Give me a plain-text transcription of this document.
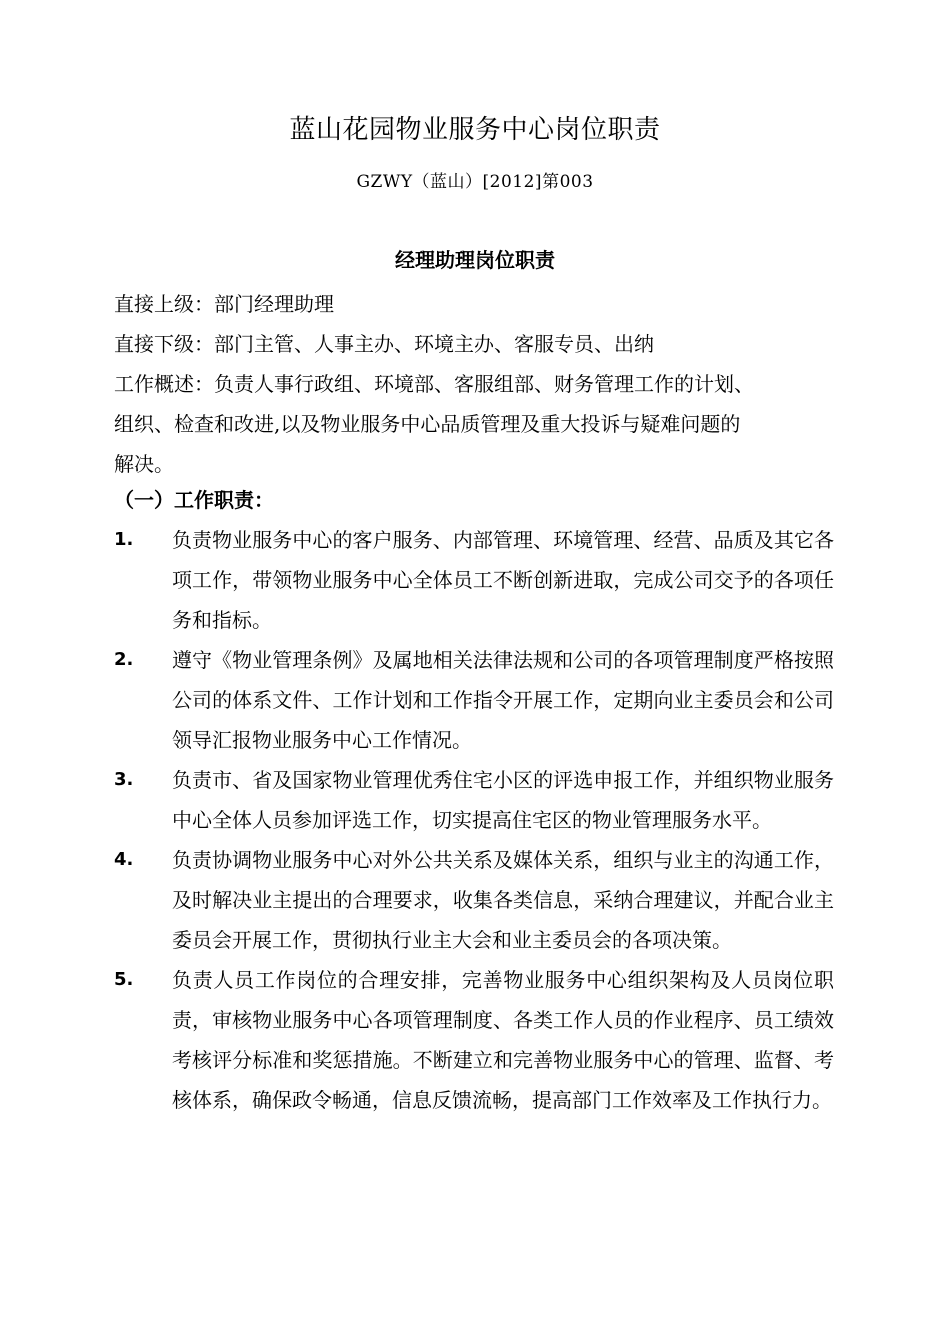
蓝山花园物业服务中心岗位职责
GZWY（蓝山）[2012]第003
经理助理岗位职责

直接上级：部门经理助理

直接下级：部门主管、人事主办、环境主办、客服专员、出纳

工作概述：负责人事行政组、环境部、客服组部、财务管理工作的计划、

组织、检查和改进,以及物业服务中心品质管理及重大投诉与疑难问题的

解决。

（一）工作职责：
1.	负责物业服务中心的客户服务、内部管理、环境管理、经营、品质及其它各项工作，带领物业服务中心全体员工不断创新进取，完成公司交予的各项任务和指标。
2.	遵守《物业管理条例》及属地相关法律法规和公司的各项管理制度严格按照公司的体系文件、工作计划和工作指令开展工作，定期向业主委员会和公司领导汇报物业服务中心工作情况。
3.	负责市、省及国家物业管理优秀住宅小区的评选申报工作，并组织物业服务中心全体人员参加评选工作，切实提高住宅区的物业管理服务水平。
4.	负责协调物业服务中心对外公共关系及媒体关系，组织与业主的沟通工作，及时解决业主提出的合理要求，收集各类信息，采纳合理建议，并配合业主委员会开展工作，贯彻执行业主大会和业主委员会的各项决策。
5.	负责人员工作岗位的合理安排，完善物业服务中心组织架构及人员岗位职责，审核物业服务中心各项管理制度、各类工作人员的作业程序、员工绩效考核评分标准和奖惩措施。不断建立和完善物业服务中心的管理、监督、考核体系，确保政令畅通，信息反馈流畅，提高部门工作效率及工作执行力。
